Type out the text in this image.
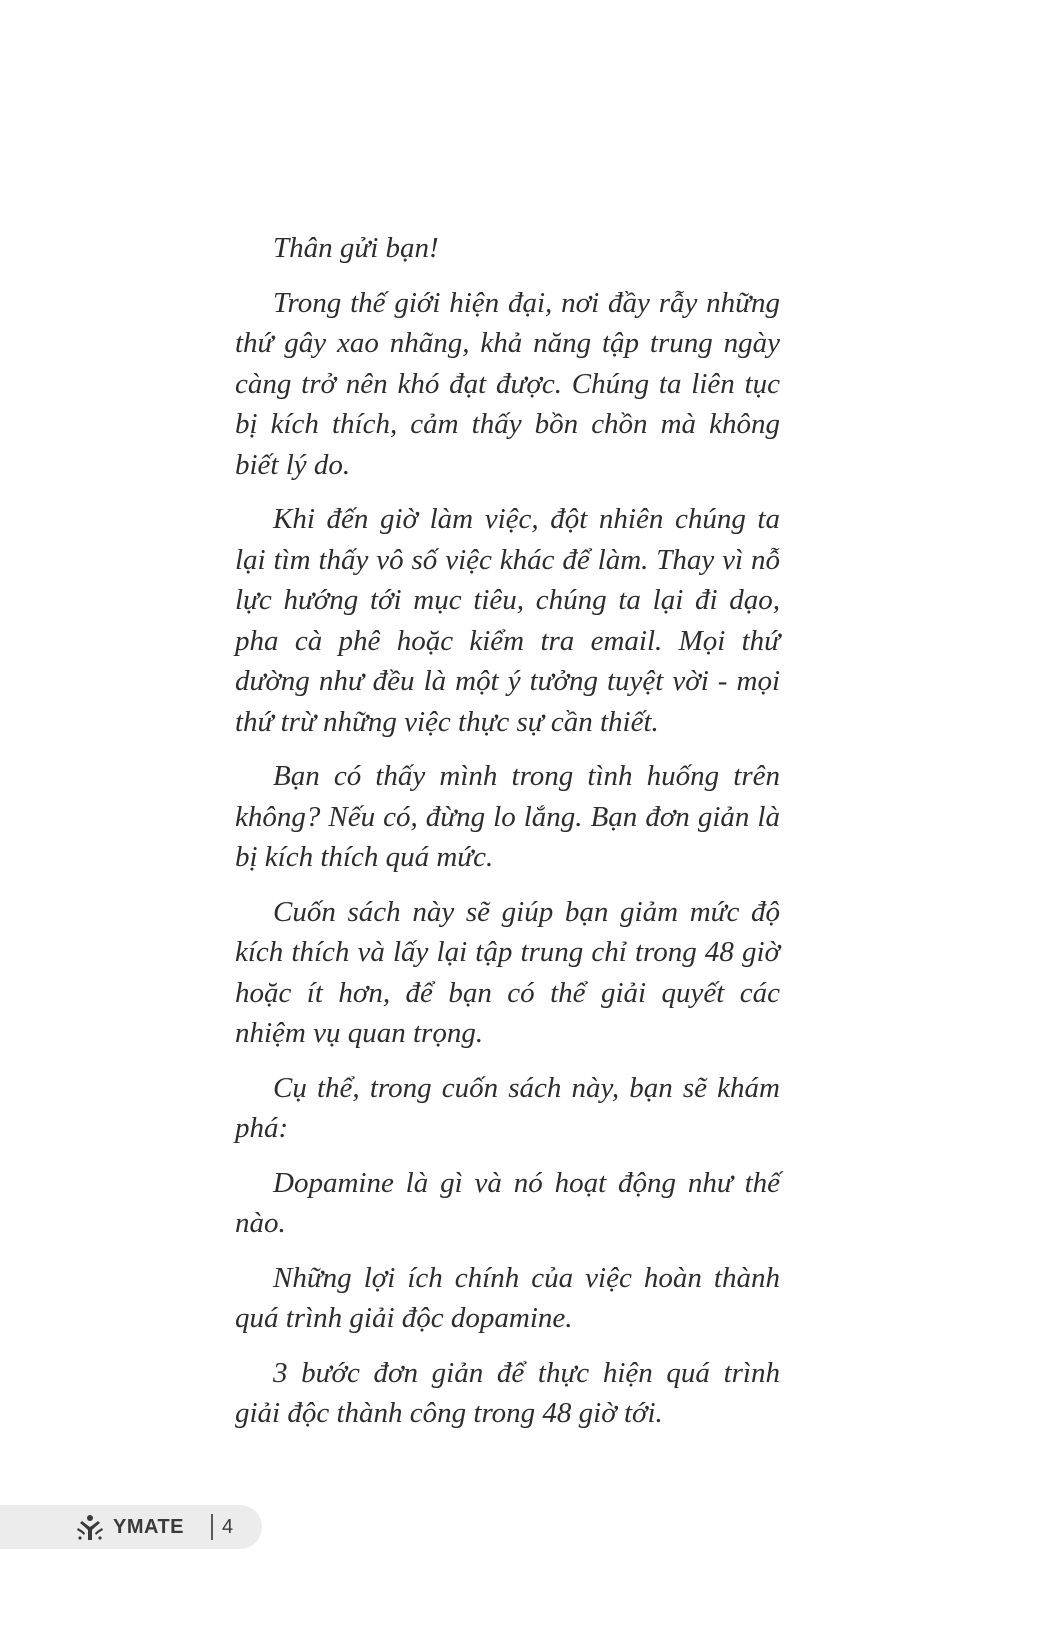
Thân gửi bạn!

Trong thế giới hiện đại, nơi đầy rẫy những thứ gây xao nhãng, khả năng tập trung ngày càng trở nên khó đạt được. Chúng ta liên tục bị kích thích, cảm thấy bồn chồn mà không biết lý do.

Khi đến giờ làm việc, đột nhiên chúng ta lại tìm thấy vô số việc khác để làm. Thay vì nỗ lực hướng tới mục tiêu, chúng ta lại đi dạo, pha cà phê hoặc kiểm tra email. Mọi thứ dường như đều là một ý tưởng tuyệt vời - mọi thứ trừ những việc thực sự cần thiết.

Bạn có thấy mình trong tình huống trên không? Nếu có, đừng lo lắng. Bạn đơn giản là bị kích thích quá mức.

Cuốn sách này sẽ giúp bạn giảm mức độ kích thích và lấy lại tập trung chỉ trong 48 giờ hoặc ít hơn, để bạn có thể giải quyết các nhiệm vụ quan trọng.

Cụ thể, trong cuốn sách này, bạn sẽ khám phá:

Dopamine là gì và nó hoạt động như thế nào.

Những lợi ích chính của việc hoàn thành quá trình giải độc dopamine.

3 bước đơn giản để thực hiện quá trình giải độc thành công trong 48 giờ tới.

YMATE 4
